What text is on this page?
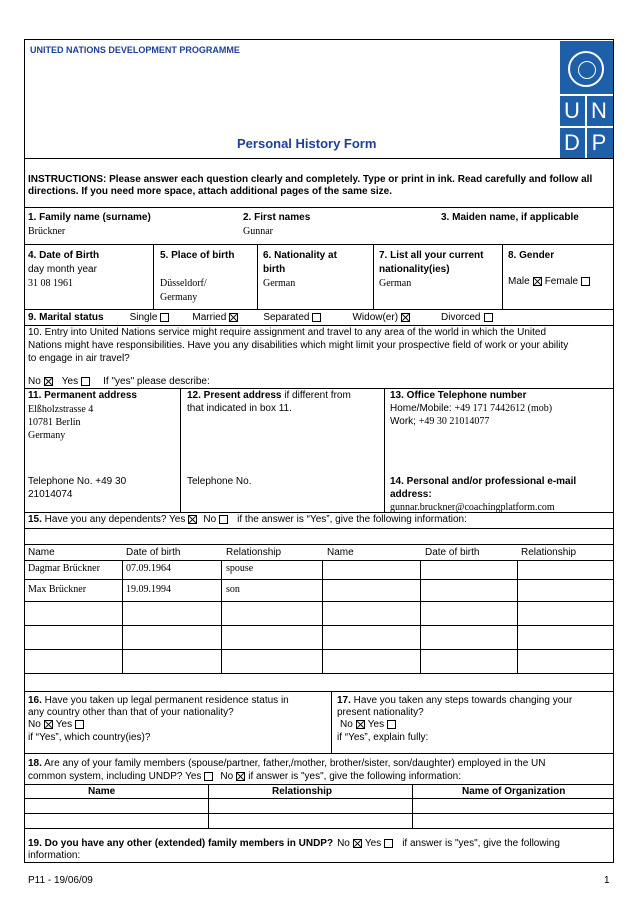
UNITED NATIONS DEVELOPMENT PROGRAMME
Personal History Form
U N
D P
INSTRUCTIONS: Please answer each question clearly and completely. Type or print in ink. Read carefully and follow all directions. If you need more space, attach additional pages of the same size.
1. Family name (surname)
Brückner
2. First names
Gunnar
3. Maiden name, if applicable
4. Date of Birth
day month year
31 08 1961
5. Place of birth
Düsseldorf/
Germany
6. Nationality at
birth
German
7. List all your current
nationality(ies)
German
8. Gender
Male Female
9. Marital status	Single	Married	Separated	Widow(er)	Divorced
10. Entry into United Nations service might require assignment and travel to any area of the world in which the United
Nations might have responsibilities. Have you any disabilities which might limit your prospective field of work or your ability
to engage in air travel?
No Yes	If "yes" please describe:
11. Permanent address
Elßholzstrasse 4
10781 Berlin
Germany
Telephone No. +49 30
21014074
12. Present address if different from
that indicated in box 11.
Telephone No.
13. Office Telephone number
Home/Mobile: +49 171 7442612 (mob)
Work; +49 30 21014077
14. Personal and/or professional e-mail
address:
gunnar.bruckner@coachingplatform.com
15. Have you any dependents? Yes No if the answer is “Yes”, give the following information:
Name	Date of birth	Relationship	Name	Date of birth	Relationship
Dagmar Brückner	07.09.1964	spouse
Max Brückner	19.09.1994	son
16. Have you taken up legal permanent residence status in
any country other than that of your nationality?
No Yes
if “Yes”, which country(ies)?
17. Have you taken any steps towards changing your
present nationality?
No Yes
if “Yes”, explain fully:
18. Are any of your family members (spouse/partner, father,/mother, brother/sister, son/daughter) employed in the UN
common system, including UNDP? Yes No if answer is "yes", give the following information:
Name	Relationship	Name of Organization
19. Do you have any other (extended) family members in UNDP? No Yes if answer is "yes", give the following
information:
P11 - 19/06/09	1
